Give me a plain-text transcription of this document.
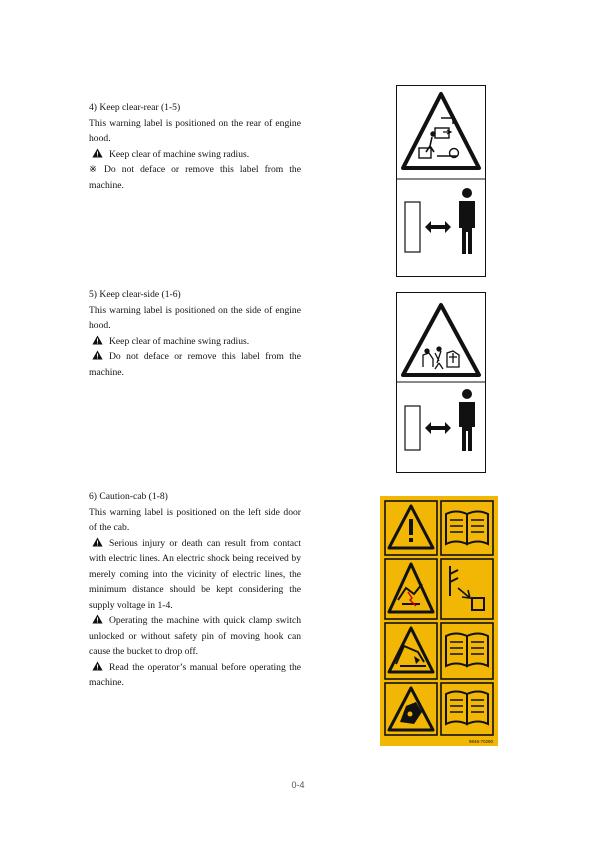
4) Keep clear-rear (1-5)

This warning label is positioned on the rear of engine hood.

Keep clear of machine swing radius.

※ Do not deface or remove this label from the machine.

5) Keep clear-side (1-6)

This warning label is positioned on the side of engine hood.

Keep clear of machine swing radius.

Do not deface or remove this label from the machine.

6) Caution-cab (1-8)

This warning label is positioned on the left side door of the cab.

Serious injury or death can result from contact with electric lines. An electric shock being received by merely coming into the vicinity of electric lines, the minimum distance should be kept considering the supply voltage in 1-4.

Operating the machine with quick clamp switch unlocked or without safety pin of moving hook can cause the bucket to drop off.

Read the operator’s manual before operating the machine.

9846-70290
0-4
